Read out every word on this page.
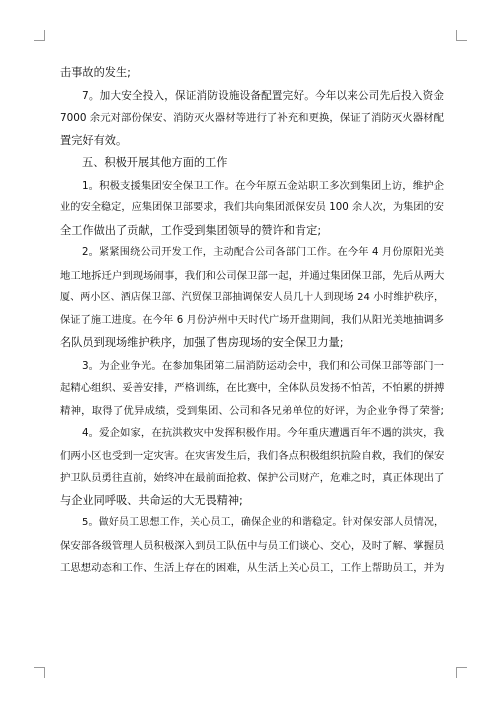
击事故的发生;
7。加大安全投入，保证消防设施设备配置完好。今年以来公司先后投入资金
7000 余元对部份保安、消防灭火器材等进行了补充和更换，保证了消防灭火器材配
置完好有效。
五、积极开展其他方面的工作
1。积极支援集团安全保卫工作。在今年原五金站职工多次到集团上访，维护企
业的安全稳定，应集团保卫部要求，我们共向集团派保安员 100 余人次，为集团的安
全工作做出了贡献，工作受到集团领导的赞许和肯定;
2。紧紧围绕公司开发工作，主动配合公司各部门工作。在今年 4 月份原阳光美
地工地拆迁户到现场闹事，我们和公司保卫部一起，并通过集团保卫部，先后从两大
厦、两小区、酒店保卫部、汽贸保卫部抽调保安人员几十人到现场 24 小时维护秩序，
保证了施工进度。在今年 6 月份泸州中天时代广场开盘期间，我们从阳光美地抽调多
名队员到现场维护秩序，加强了售房现场的安全保卫力量;
3。为企业争光。在参加集团第二届消防运动会中，我们和公司保卫部等部门一
起精心组织、妥善安排，严格训练，在比赛中，全体队员发扬不怕苦，不怕累的拼搏
精神，取得了优异成绩，受到集团、公司和各兄弟单位的好评，为企业争得了荣誉;
4。爱企如家，在抗洪救灾中发挥积极作用。今年重庆遭遇百年不遇的洪灾，我
们两小区也受到一定灾害。在灾害发生后，我们各点积极组织抗险自救，我们的保安
护卫队员勇往直前，始终冲在最前面抢救、保护公司财产，危难之时，真正体现出了
与企业同呼吸、共命运的大无畏精神;
5。做好员工思想工作，关心员工，确保企业的和谐稳定。针对保安部人员情况，
保安部各级管理人员积极深入到员工队伍中与员工们谈心、交心，及时了解、掌握员
工思想动态和工作、生活上存在的困难，从生活上关心员工，工作上帮助员工，并为
